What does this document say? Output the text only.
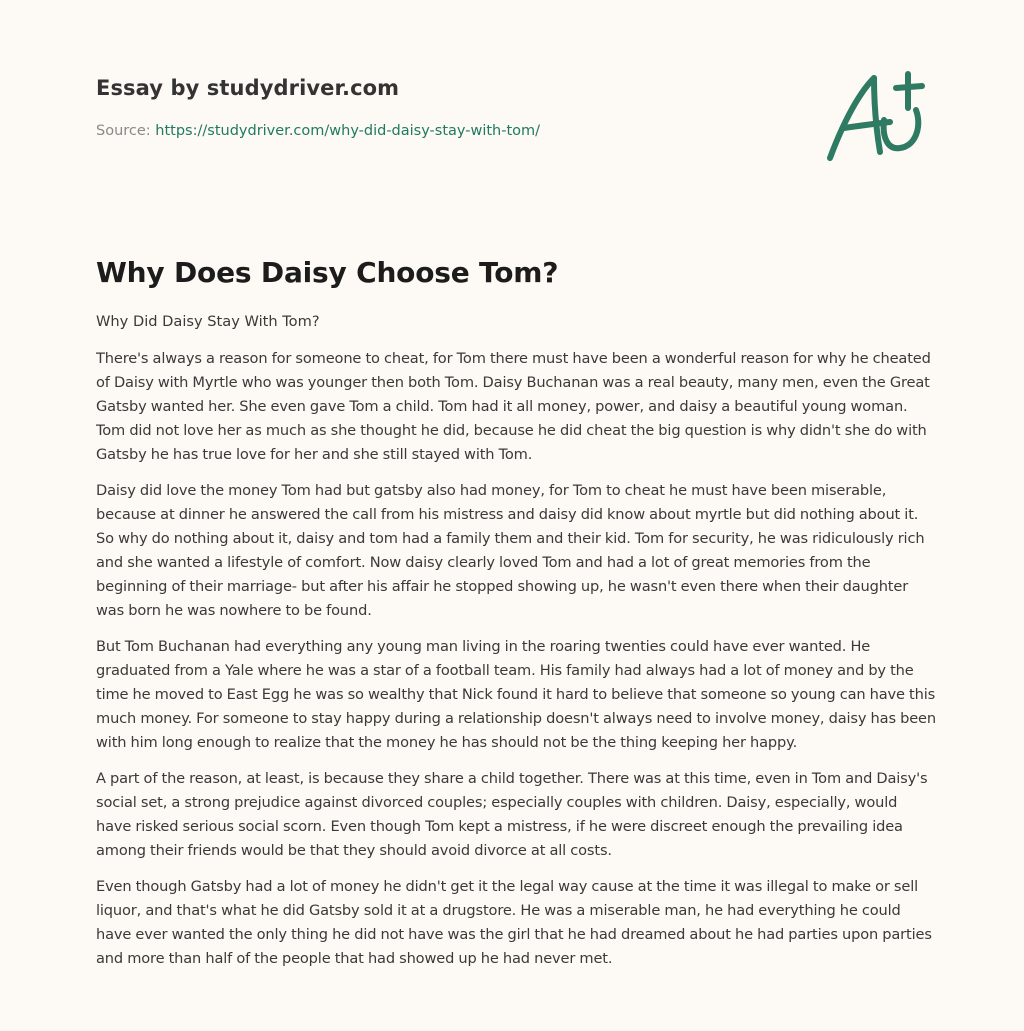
Essay by studydriver.com
Source: https://studydriver.com/why-did-daisy-stay-with-tom/
Why Does Daisy Choose Tom?

Why Did Daisy Stay With Tom?

There's always a reason for someone to cheat, for Tom there must have been a wonderful reason for why he cheated of Daisy with Myrtle who was younger then both Tom. Daisy Buchanan was a real beauty, many men, even the Great Gatsby wanted her. She even gave Tom a child. Tom had it all money, power, and daisy a beautiful young woman. Tom did not love her as much as she thought he did, because he did cheat the big question is why didn't she do with Gatsby he has true love for her and she still stayed with Tom.

Daisy did love the money Tom had but gatsby also had money, for Tom to cheat he must have been miserable, because at dinner he answered the call from his mistress and daisy did know about myrtle but did nothing about it. So why do nothing about it, daisy and tom had a family them and their kid. Tom for security, he was ridiculously rich and she wanted a lifestyle of comfort. Now daisy clearly loved Tom and had a lot of great memories from the beginning of their marriage- but after his affair he stopped showing up, he wasn't even there when their daughter was born he was nowhere to be found.

But Tom Buchanan had everything any young man living in the roaring twenties could have ever wanted. He graduated from a Yale where he was a star of a football team. His family had always had a lot of money and by the time he moved to East Egg he was so wealthy that Nick found it hard to believe that someone so young can have this much money. For someone to stay happy during a relationship doesn't always need to involve money, daisy has been with him long enough to realize that the money he has should not be the thing keeping her happy.

A part of the reason, at least, is because they share a child together. There was at this time, even in Tom and Daisy's social set, a strong prejudice against divorced couples; especially couples with children. Daisy, especially, would have risked serious social scorn. Even though Tom kept a mistress, if he were discreet enough the prevailing idea among their friends would be that they should avoid divorce at all costs.

Even though Gatsby had a lot of money he didn't get it the legal way cause at the time it was illegal to make or sell liquor, and that's what he did Gatsby sold it at a drugstore. He was a miserable man, he had everything he could have ever wanted the only thing he did not have was the girl that he had dreamed about he had parties upon parties and more than half of the people that had showed up he had never met.
